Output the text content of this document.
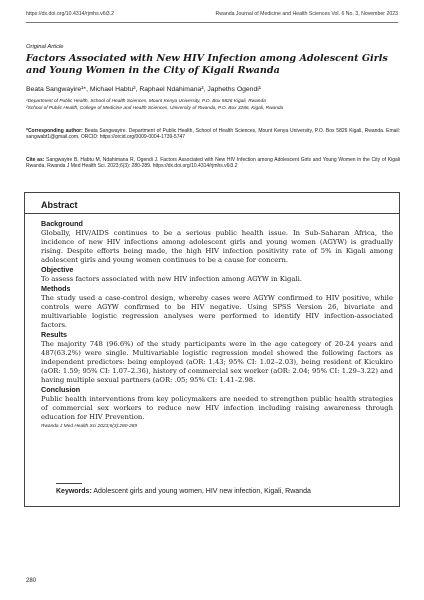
https://dx.doi.org/10.4314/rjmhs.v6i3.2	Rwanda Journal of Medicine and Health Sciences Vol. 6 No. 3, November 2023
Original Article
Factors Associated with New HIV Infection among Adolescent Girls and Young Women in the City of Kigali Rwanda
Beata Sangwayire¹*, Michael Habtu², Raphael Ndahimana², Japheths Ogendi¹
¹Department of Public Health, School of Health Sciences, Mount Kenya University, P.O. Box 5826 Kigali, Rwanda
²School of Public Health, College of Medicine and Health Sciences, University of Rwanda, P.O. Box 3286, Kigali, Rwanda
*Corresponding author: Beata Sangwayire. Department of Public Health, School of Health Sciences, Mount Kenya University, P.O. Box 5826 Kigali, Rwanda. Email: sangwabt1@gmail.com. ORCID: https://orcid.org/0009-0004-1739-5747
Cite as: Sangwayire B, Habtu M, Ndahimana R, Ogendi J. Factors Associated with New HIV Infection among Adolescent Girls and Young Women in the City of Kigali Rwanda. Rwanda J Med Health Sci. 2023;6(3): 280-289. https://dx.doi.org/10.4314/rjmhs.v6i3.2
Abstract
Background

Globally, HIV/AIDS continues to be a serious public health issue. In Sub-Saharan Africa, the incidence of new HIV infections among adolescent girls and young women (AGYW) is gradually rising. Despite efforts being made, the high HIV infection positivity rate of 5% in Kigali among adolescent girls and young women continues to be a cause for concern.

Objective

To assess factors associated with new HIV infection among AGYW in Kigali.

Methods

The study used a case-control design, whereby cases were AGYW confirmed to HIV positive, while controls were AGYW confirmed to be HIV negative. Using SPSS Version 26, bivariate and multivariable logistic regression analyses were performed to identify HIV infection-associated factors.

Results

The majority 748 (96.6%) of the study participants were in the age category of 20-24 years and 487(63.2%) were single. Multivariable logistic regression model showed the following factors as independent predictors: being employed (aOR: 1.43; 95% CI: 1.02–2.03), being resident of Kicukiro (aOR: 1.59; 95% CI: 1.07–2.36), history of commercial sex worker (aOR: 2.04; 95% CI: 1.29–3.22) and having multiple sexual partners (aOR: .05; 95% CI: 1.41–2.98.

Conclusion

Public health interventions from key policymakers are needed to strengthen public health strategies of commercial sex workers to reduce new HIV infection including raising awareness through education for HIV Prevention.

Rwanda J Med Health Sci 2023;6(3):280-289

Keywords: Adolescent girls and young women, HIV new infection, Kigali, Rwanda
280
